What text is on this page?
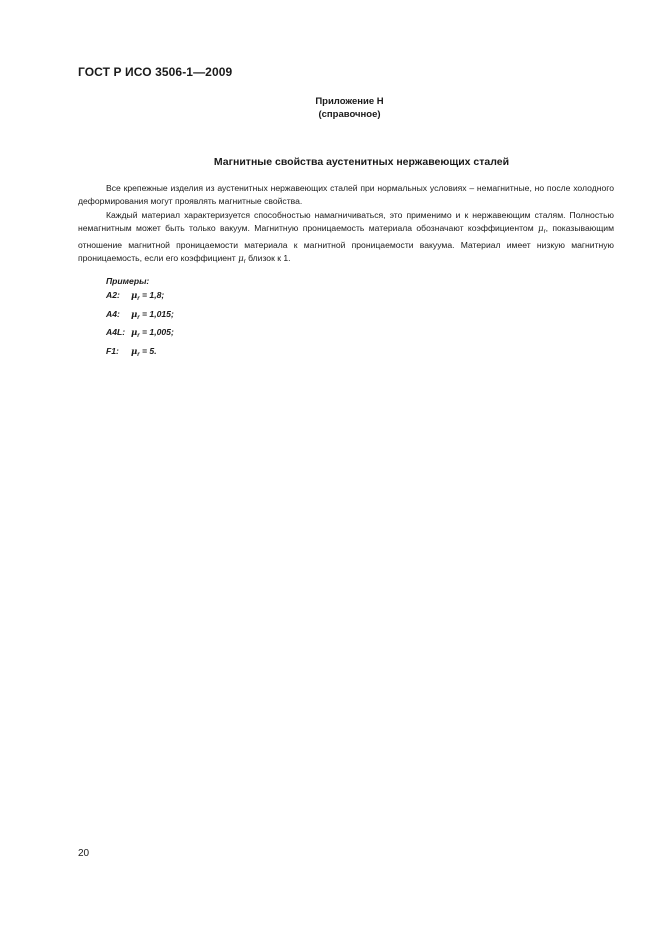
ГОСТ Р ИСО 3506-1—2009
Приложение Н
(справочное)
Магнитные свойства аустенитных нержавеющих сталей

Все крепежные изделия из аустенитных нержавеющих сталей при нормальных условиях – немагнитные, но после холодного деформирования могут проявлять магнитные свойства.

Каждый материал характеризуется способностью намагничиваться, это применимо и к нержавеющим сталям. Полностью немагнитным может быть только вакуум. Магнитную проницаемость материала обозначают коэффициентом $\mu_r$, показывающим отношение магнитной проницаемости материала к магнитной проницаемости вакуума. Материал имеет низкую магнитную проницаемость, если его коэффициент $\mu_r$ близок к 1.

Примеры:
A2:	$\mu_r = 1,8$;
A4:	$\mu_r = 1,015$;
A4L: $\mu_r = 1,005$;
F1:	$\mu_r = 5$.
20
